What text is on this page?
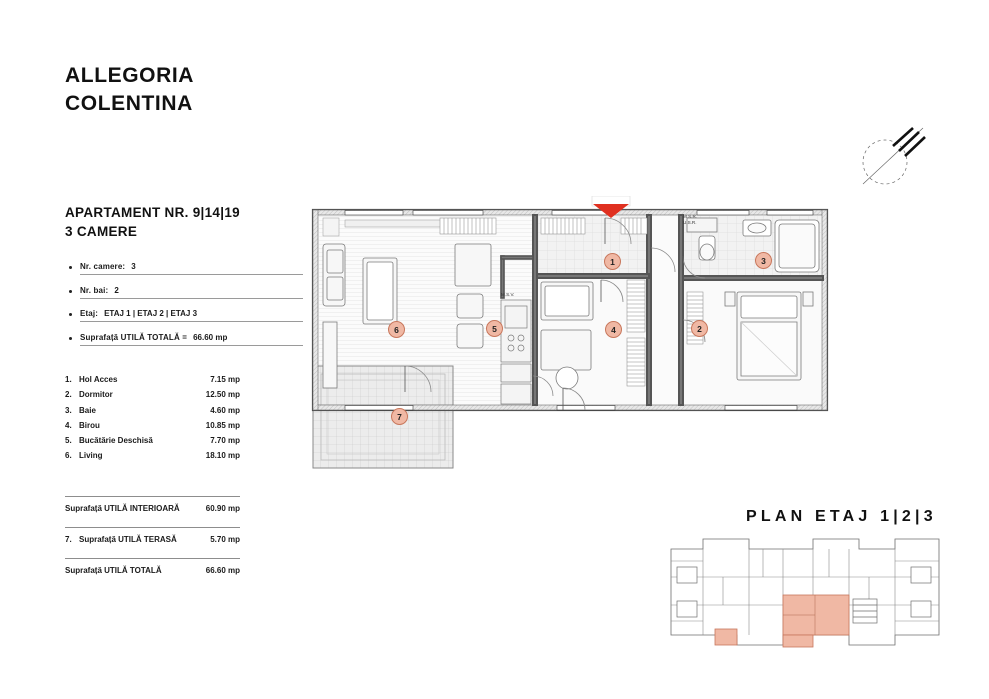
ALLEGORIA
COLENTINA
APARTAMENT NR. 9|14|19
3 CAMERE
Nr. camere: 3
Nr. bai: 2
Etaj: ETAJ 1 | ETAJ 2 | ETAJ 3
Suprafață UTILĂ TOTALĂ = 66.60 mp
1. Hol Acces	7.15 mp
2. Dormitor	12.50 mp
3. Baie	4.60 mp
4. Birou	10.85 mp
5. Bucătărie Deschisă	7.70 mp
6. Living	18.10 mp
Suprafață UTILĂ INTERIOARĂ	60.90 mp
7. Suprafață UTILĂ TERASĂ	5.70 mp
Suprafață UTILĂ TOTALĂ	66.60 mp
PLAN ETAJ 1|2|3
M.S.R.
U.S.R.
M.S.V.
1
2
3
4
5
6
7
